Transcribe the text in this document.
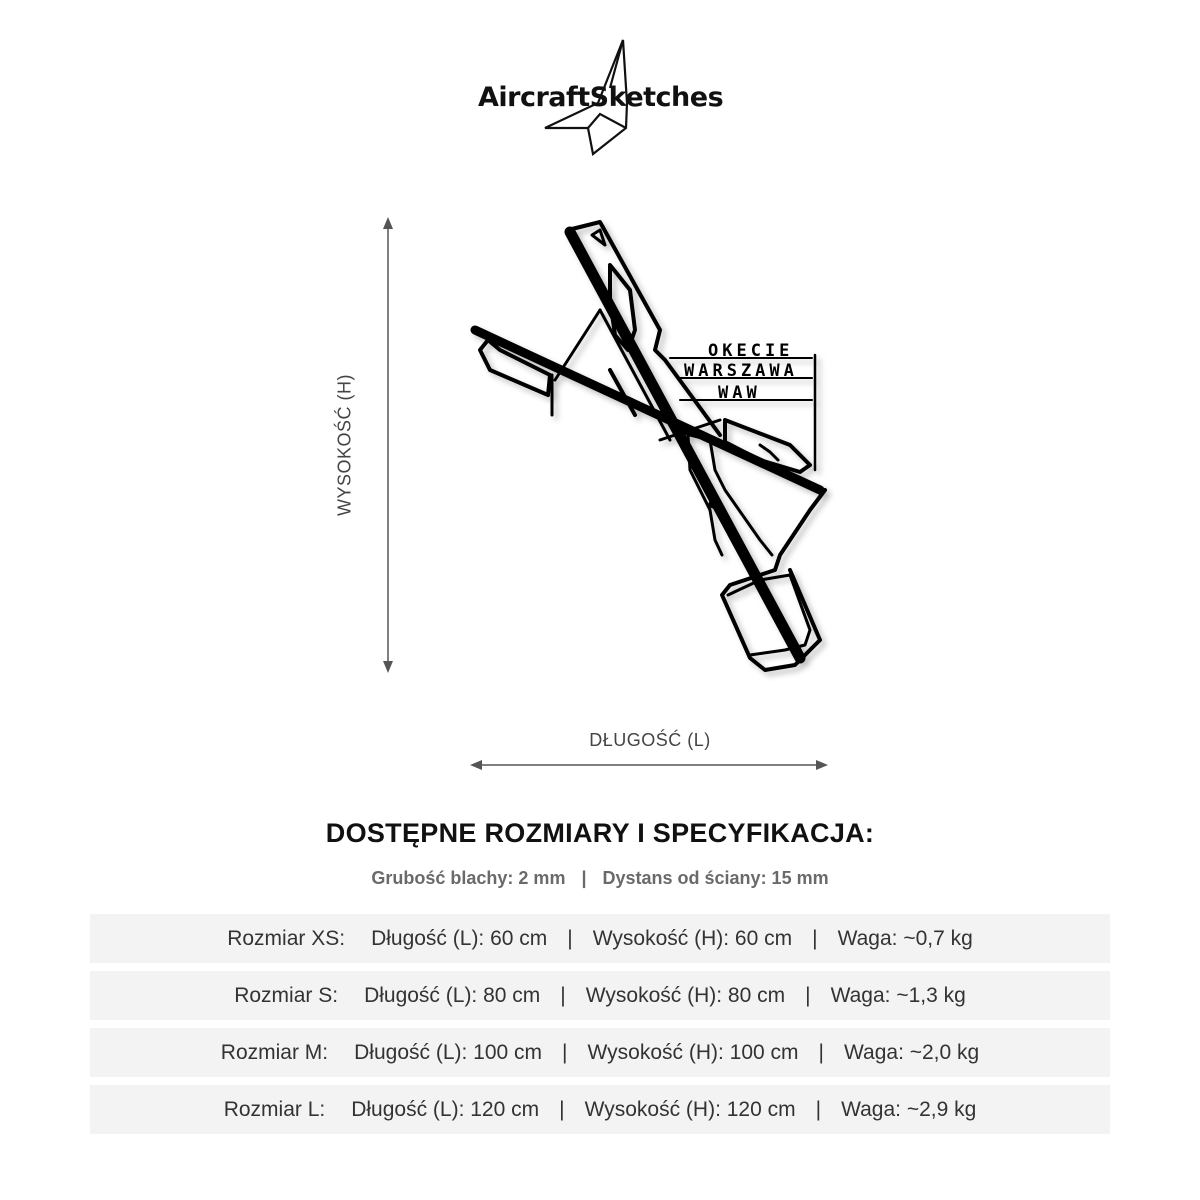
AircraftSketches
WYSOKOŚĆ (H)
OKECIE
WARSZAWA
WAW
DŁUGOŚĆ (L)
DOSTĘPNE ROZMIARY I SPECYFIKACJA:
Grubość blachy: 2 mm | Dystans od ściany: 15 mm
Rozmiar XS: Długość (L): 60 cm | Wysokość (H): 60 cm | Waga: ~0,7 kg
Rozmiar S: Długość (L): 80 cm | Wysokość (H): 80 cm | Waga: ~1,3 kg
Rozmiar M: Długość (L): 100 cm | Wysokość (H): 100 cm | Waga: ~2,0 kg
Rozmiar L: Długość (L): 120 cm | Wysokość (H): 120 cm | Waga: ~2,9 kg
